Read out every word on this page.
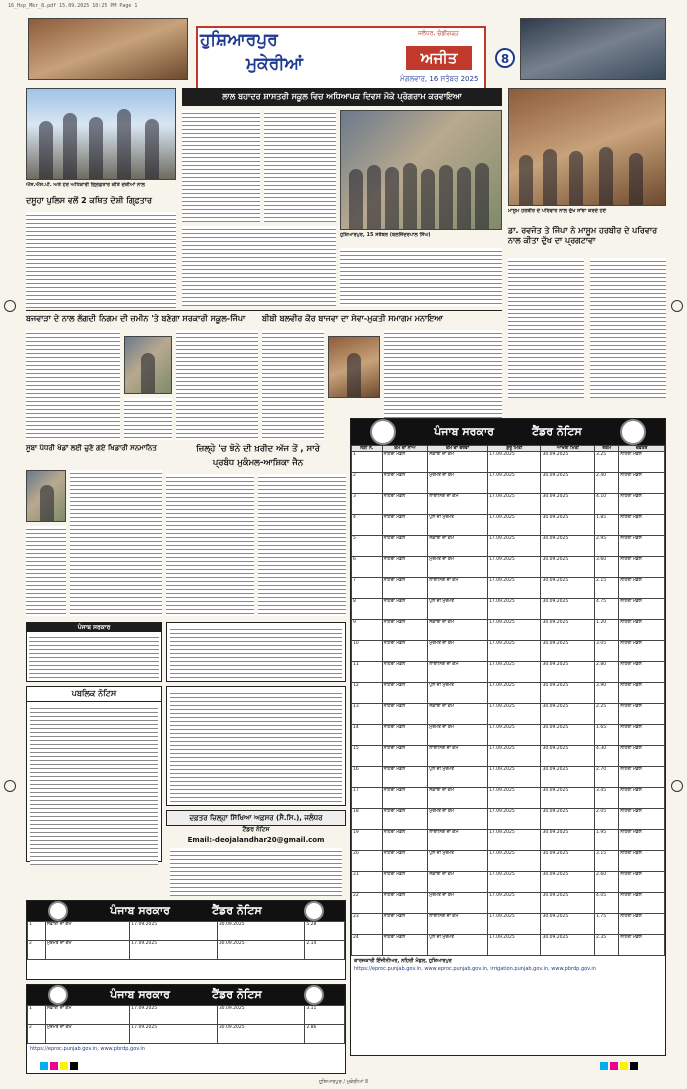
16_Hsp_Mkr_8.pdf 15.09.2025 10:25 PM Page 1
ਹੁਸ਼ਿਆਰਪੁਰ
ਮੁਕੇਰੀਆਂ
ਜਲੰਧਰ, ਚੰਡੀਗੜ੍ਹ
ਅਜੀਤ
ਮੰਗਲਵਾਰ, 16 ਸਤੰਬਰ 2025
8
ਐਸ.ਐਸ.ਪੀ. ਅਤੇ ਹੋਰ ਅਧਿਕਾਰੀ ਗ੍ਰਿਫ਼ਤਾਰ ਕੀਤੇ ਦੋਸ਼ੀਆਂ ਨਾਲ
ਦਸੂਹਾ ਪੁਲਿਸ ਵਲੋਂ 2 ਕਥਿਤ ਦੋਸ਼ੀ ਗਿ੍ਫ਼ਤਾਰ
ਲਾਲ ਬਹਾਦਰ ਸ਼ਾਸਤਰੀ ਸਕੂਲ ਵਿਚ ਅਧਿਆਪਕ ਦਿਵਸ ਮੌਕੇ ਪ੍ਰੋਗਰਾਮ ਕਰਵਾਇਆ
ਹੁਸ਼ਿਆਰਪੁਰ, 15 ਸਤੰਬਰ (ਬਲਜਿੰਦਰਪਾਲ ਸਿੰਘ)
ਮਾਸੂਮ ਹਰਬੀਰ ਦੇ ਪਰਿਵਾਰ ਨਾਲ ਦੁੱਖ ਸਾਂਝਾ ਕਰਦੇ ਹੋਏ
ਡਾ. ਰਵਜੋਤ ਤੇ ਜਿੰਪਾ ਨੇ ਮਾਸੂਮ ਹਰਬੀਰ ਦੇ ਪਰਿਵਾਰ ਨਾਲ ਕੀਤਾ ਦੁੱਖ ਦਾ ਪ੍ਰਗਟਾਵਾ
ਬਜਵਾੜਾ ਦੇ ਨਾਲ ਲੱਗਦੀ ਨਿਗਮ ਦੀ ਜ਼ਮੀਨ 'ਤੇ ਬਣੇਗਾ ਸਰਕਾਰੀ ਸਕੂਲ-ਜਿੰਪਾ	ਬੀਬੀ ਬਲਵੀਰ ਕੌਰ ਬਾਜਵਾ ਦਾ ਸੇਵਾ-ਮੁਕਤੀ ਸਮਾਗਮ ਮਨਾਇਆ
ਪੰਜਾਬ ਸਰਕਾਰ	ਟੈਂਡਰ ਨੋਟਿਸ
ਲੜੀ ਨੰ.	ਕੰਮ ਦਾ ਨਾਂਅ	ਕੰਮ ਦਾ ਵੇਰਵਾ	ਸ਼ੁਰੂ ਮਿਤੀ	ਆਖਰੀ ਮਿਤੀ	ਰਕਮ	ਦਫ਼ਤਰ
1	ਨਹਿਰੀ ਮੰਡਲ	ਸਫ਼ਾਈ ਦਾ ਕੰਮ	17.09.2025	30.09.2025	3.25	ਨਹਿਰੀ ਮੰਡਲ
2	ਨਹਿਰੀ ਮੰਡਲ	ਮੁਰੰਮਤ ਦਾ ਕੰਮ	17.09.2025	30.09.2025	2.40	ਨਹਿਰੀ ਮੰਡਲ
3	ਨਹਿਰੀ ਮੰਡਲ	ਲਾਈਨਿੰਗ ਦਾ ਕੰਮ	17.09.2025	30.09.2025	4.10	ਨਹਿਰੀ ਮੰਡਲ
4	ਨਹਿਰੀ ਮੰਡਲ	ਪੁਲ ਦੀ ਮੁਰੰਮਤ	17.09.2025	30.09.2025	1.85	ਨਹਿਰੀ ਮੰਡਲ
5	ਨਹਿਰੀ ਮੰਡਲ	ਸਫ਼ਾਈ ਦਾ ਕੰਮ	17.09.2025	30.09.2025	2.95	ਨਹਿਰੀ ਮੰਡਲ
6	ਨਹਿਰੀ ਮੰਡਲ	ਮੁਰੰਮਤ ਦਾ ਕੰਮ	17.09.2025	30.09.2025	3.60	ਨਹਿਰੀ ਮੰਡਲ
7	ਨਹਿਰੀ ਮੰਡਲ	ਲਾਈਨਿੰਗ ਦਾ ਕੰਮ	17.09.2025	30.09.2025	2.15	ਨਹਿਰੀ ਮੰਡਲ
8	ਨਹਿਰੀ ਮੰਡਲ	ਪੁਲ ਦੀ ਮੁਰੰਮਤ	17.09.2025	30.09.2025	4.75	ਨਹਿਰੀ ਮੰਡਲ
9	ਨਹਿਰੀ ਮੰਡਲ	ਸਫ਼ਾਈ ਦਾ ਕੰਮ	17.09.2025	30.09.2025	1.20	ਨਹਿਰੀ ਮੰਡਲ
10	ਨਹਿਰੀ ਮੰਡਲ	ਮੁਰੰਮਤ ਦਾ ਕੰਮ	17.09.2025	30.09.2025	3.05	ਨਹਿਰੀ ਮੰਡਲ
11	ਨਹਿਰੀ ਮੰਡਲ	ਲਾਈਨਿੰਗ ਦਾ ਕੰਮ	17.09.2025	30.09.2025	2.80	ਨਹਿਰੀ ਮੰਡਲ
12	ਨਹਿਰੀ ਮੰਡਲ	ਪੁਲ ਦੀ ਮੁਰੰਮਤ	17.09.2025	30.09.2025	3.90	ਨਹਿਰੀ ਮੰਡਲ
13	ਨਹਿਰੀ ਮੰਡਲ	ਸਫ਼ਾਈ ਦਾ ਕੰਮ	17.09.2025	30.09.2025	2.25	ਨਹਿਰੀ ਮੰਡਲ
14	ਨਹਿਰੀ ਮੰਡਲ	ਮੁਰੰਮਤ ਦਾ ਕੰਮ	17.09.2025	30.09.2025	1.65	ਨਹਿਰੀ ਮੰਡਲ
15	ਨਹਿਰੀ ਮੰਡਲ	ਲਾਈਨਿੰਗ ਦਾ ਕੰਮ	17.09.2025	30.09.2025	4.30	ਨਹਿਰੀ ਮੰਡਲ
16	ਨਹਿਰੀ ਮੰਡਲ	ਪੁਲ ਦੀ ਮੁਰੰਮਤ	17.09.2025	30.09.2025	2.70	ਨਹਿਰੀ ਮੰਡਲ
17	ਨਹਿਰੀ ਮੰਡਲ	ਸਫ਼ਾਈ ਦਾ ਕੰਮ	17.09.2025	30.09.2025	3.45	ਨਹਿਰੀ ਮੰਡਲ
18	ਨਹਿਰੀ ਮੰਡਲ	ਮੁਰੰਮਤ ਦਾ ਕੰਮ	17.09.2025	30.09.2025	2.05	ਨਹਿਰੀ ਮੰਡਲ
19	ਨਹਿਰੀ ਮੰਡਲ	ਲਾਈਨਿੰਗ ਦਾ ਕੰਮ	17.09.2025	30.09.2025	1.95	ਨਹਿਰੀ ਮੰਡਲ
20	ਨਹਿਰੀ ਮੰਡਲ	ਪੁਲ ਦੀ ਮੁਰੰਮਤ	17.09.2025	30.09.2025	3.15	ਨਹਿਰੀ ਮੰਡਲ
21	ਨਹਿਰੀ ਮੰਡਲ	ਸਫ਼ਾਈ ਦਾ ਕੰਮ	17.09.2025	30.09.2025	2.60	ਨਹਿਰੀ ਮੰਡਲ
22	ਨਹਿਰੀ ਮੰਡਲ	ਮੁਰੰਮਤ ਦਾ ਕੰਮ	17.09.2025	30.09.2025	4.05	ਨਹਿਰੀ ਮੰਡਲ
23	ਨਹਿਰੀ ਮੰਡਲ	ਲਾਈਨਿੰਗ ਦਾ ਕੰਮ	17.09.2025	30.09.2025	1.75	ਨਹਿਰੀ ਮੰਡਲ
24	ਨਹਿਰੀ ਮੰਡਲ	ਪੁਲ ਦੀ ਮੁਰੰਮਤ	17.09.2025	30.09.2025	2.35	ਨਹਿਰੀ ਮੰਡਲ
ਕਾਰਜਕਾਰੀ ਇੰਜੀਨੀਅਰ, ਨਹਿਰੀ ਮੰਡਲ, ਹੁਸ਼ਿਆਰਪੁਰ
https://eproc.punjab.gov.in, www.eproc.punjab.gov.in, irrigation.punjab.gov.in, www.pbrdp.gov.in
ਸੂਬਾ ਪੱਧਰੀ ਖੇਡਾਂ ਲਈ ਚੁਣੇ ਗਏ ਖਿਡਾਰੀ ਸਨਮਾਨਿਤ	ਜ਼ਿਲ੍ਹੇ 'ਚ ਝੋਨੇ ਦੀ ਖ਼ਰੀਦ ਅੱਜ ਤੋਂ , ਸਾਰੇ
ਪ੍ਰਬੰਧ ਮੁਕੰਮਲ-ਆਸ਼ਿਕਾ ਜੈਨ
ਪੰਜਾਬ ਸਰਕਾਰ
ਪਬਲਿਕ ਨੋਟਿਸ
ਦਫ਼ਤਰ ਜ਼ਿਲ੍ਹਾ ਸਿੱਖਿਆ ਅਫ਼ਸਰ (ਸੈ.ਸਿ.), ਜਲੰਧਰ
ਟੈਂਡਰ ਨੋਟਿਸ
Email:-deojalandhar20@gmail.com
ਪੰਜਾਬ ਸਰਕਾਰ	ਟੈਂਡਰ ਨੋਟਿਸ
1	ਸਫ਼ਾਈ ਦਾ ਕੰਮ	17.09.2025	30.09.2025	5.28
2	ਮੁਰੰਮਤ ਦਾ ਕੰਮ	17.09.2025	30.09.2025	2.14
ਪੰਜਾਬ ਸਰਕਾਰ	ਟੈਂਡਰ ਨੋਟਿਸ
1	ਸਫ਼ਾਈ ਦਾ ਕੰਮ	17.09.2025	30.09.2025	3.11
2	ਮੁਰੰਮਤ ਦਾ ਕੰਮ	17.09.2025	30.09.2025	2.86
https://eproc.punjab.gov.in, www.pbrdp.gov.in
ਹੁਸ਼ਿਆਰਪੁਰ / ਮੁਕੇਰੀਆਂ 8
